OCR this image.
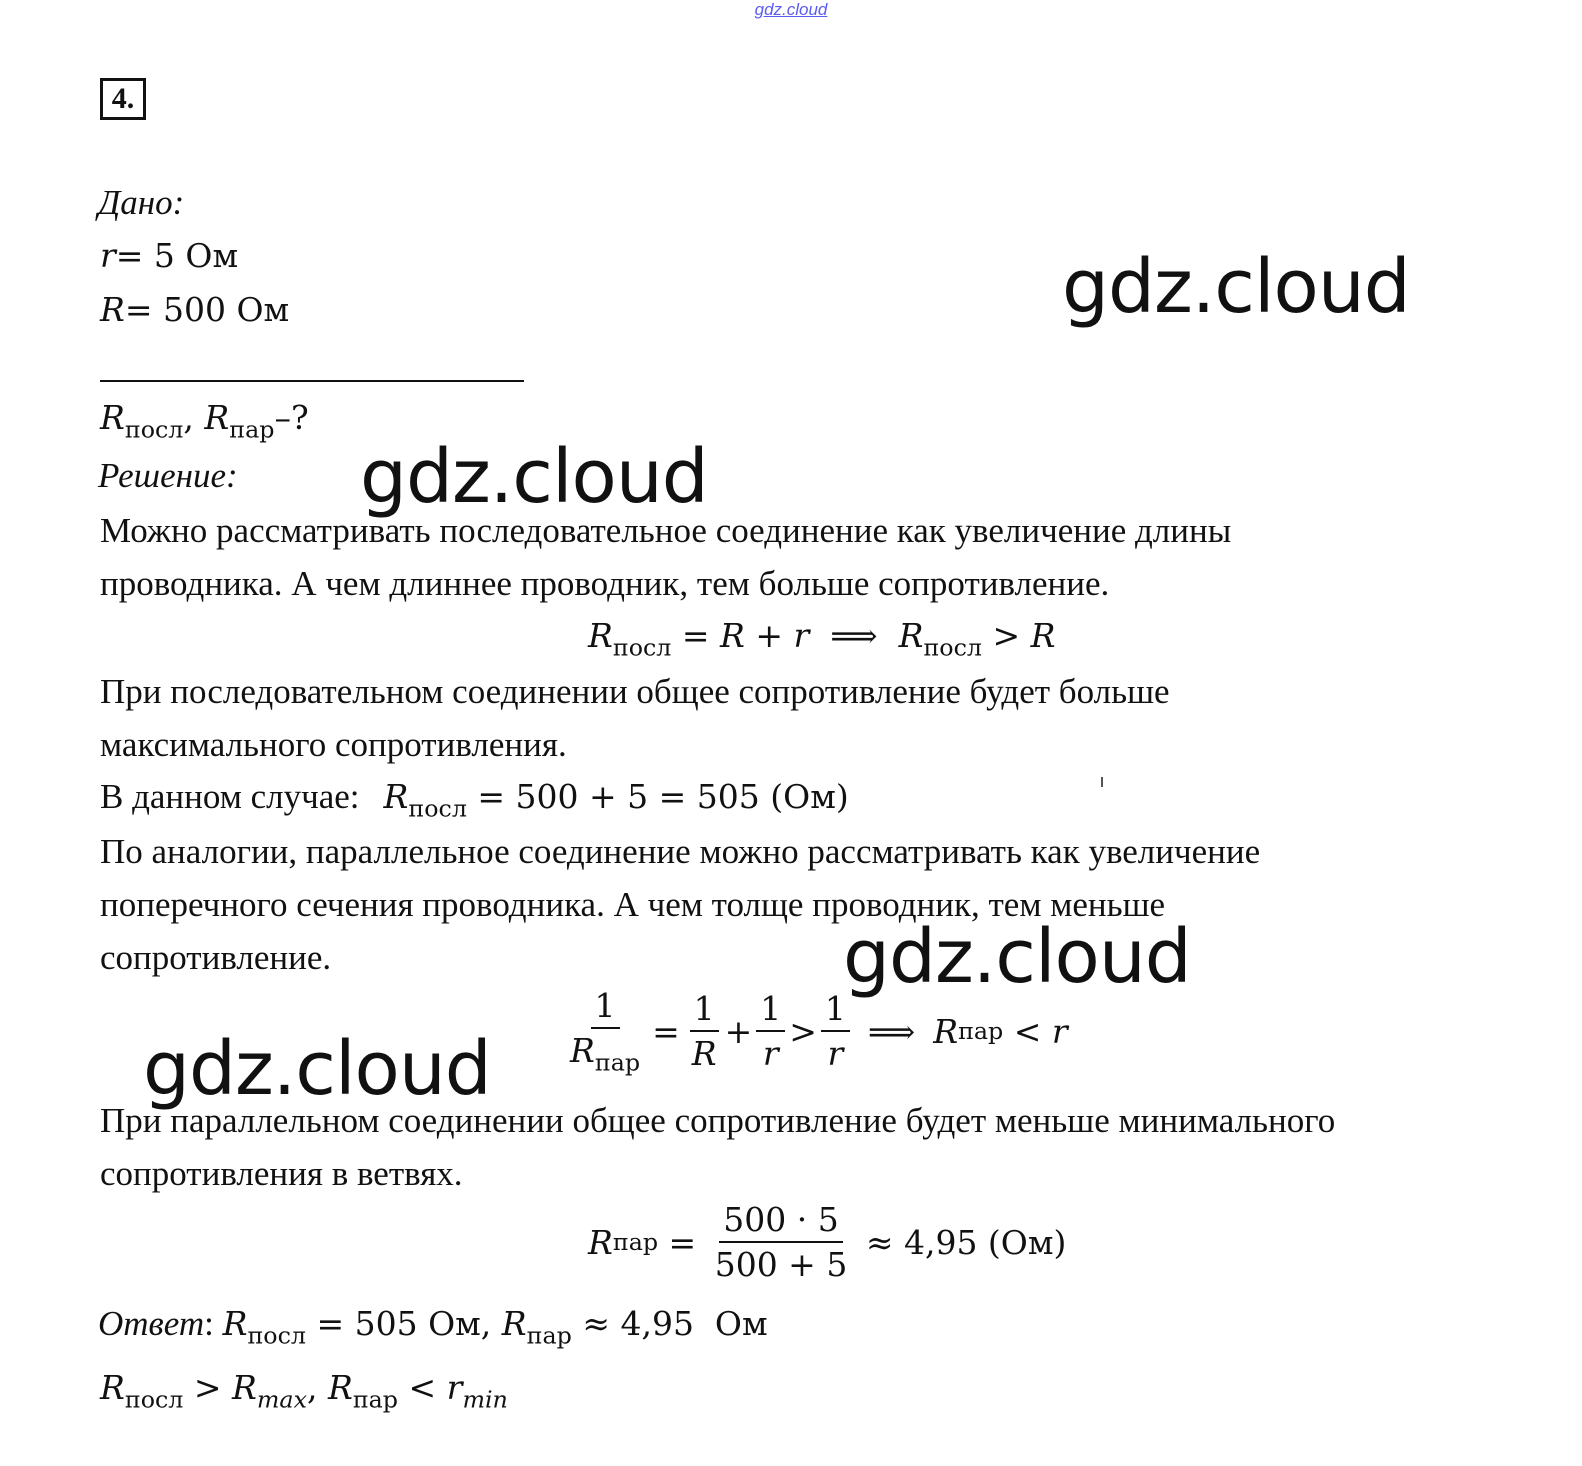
gdz.cloud
4.
Дано:
r= 5 Ом
R= 500 Ом	gdz.cloud
$R_{посл}$, $R_{пар}-$?
Решение: gdz.cloud
Можно рассматривать последовательное соединение как увеличение длины
проводника. А чем длиннее проводник, тем больше сопротивление.
$R_{посл} = R + r$  ⟹  $R_{посл} > R$
При последовательном соединении общее сопротивление будет больше
максимального сопротивления.
В данном случае: $R_{посл} = 500 + 5 = 505$ (Ом)
По аналогии, параллельное соединение можно рассматривать как увеличение
поперечного сечения проводника. А чем толще проводник, тем меньше
сопротивление.	gdz.cloud
$\frac{1}{R_{пар}} = \frac{1}{R} + \frac{1}{r} > \frac{1}{r}$ ⟹ R пар < r
gdz.cloud
При параллельном соединении общее сопротивление будет меньше минимального
сопротивления в ветвях.
R пар = $\frac{500 \cdot 5}{500 + 5} \approx 4,95$ (Ом)
Ответ: $R_{посл} = 505$ Ом, $R_{пар} \approx 4,95$  Ом
$R_{посл} > R_{max}$, $R_{пар} < r_{min}$
